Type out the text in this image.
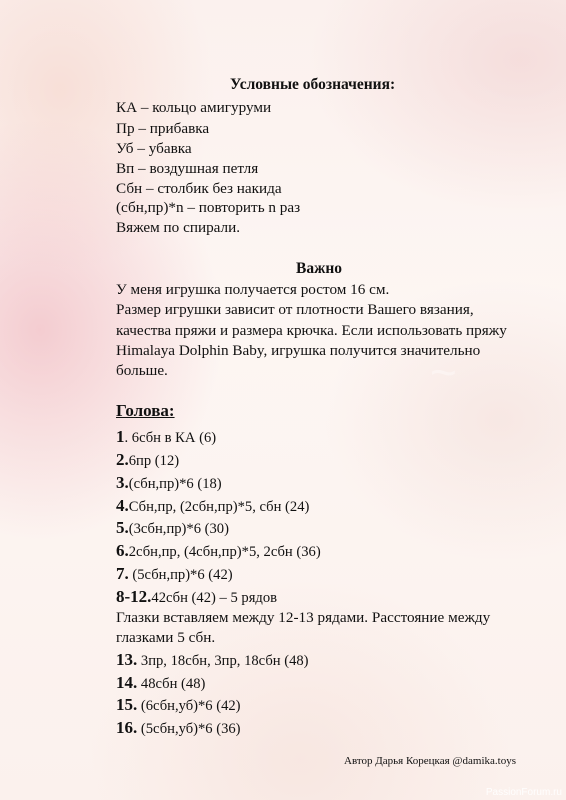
~
Условные обозначения:
КА – кольцо амигуруми
Пр – прибавка
Уб – убавка
Вп – воздушная петля
Сбн – столбик без накида
(сбн,пр)*n – повторить n раз
Вяжем по спирали.
Важно
У меня игрушка получается ростом 16 см.
Размер игрушки зависит от плотности Вашего вязания,
качества пряжи и размера крючка. Если использовать пряжу
Himalaya Dolphin Baby, игрушка получится значительно
больше.
Голова:
1. 6сбн в КА (6)
2.6пр (12)
3.(сбн,пр)*6 (18)
4.Сбн,пр, (2сбн,пр)*5, сбн (24)
5.(3сбн,пр)*6 (30)
6.2сбн,пр, (4сбн,пр)*5, 2сбн (36)
7. (5сбн,пр)*6 (42)
8-12.42сбн (42) – 5 рядов
Глазки вставляем между 12-13 рядами. Расстояние между
глазками 5 сбн.
13. 3пр, 18сбн, 3пр, 18сбн (48)
14. 48сбн (48)
15. (6сбн,уб)*6 (42)
16. (5сбн,уб)*6 (36)
Автор Дарья Корецкая @damika.toys
PassionForum.ru
